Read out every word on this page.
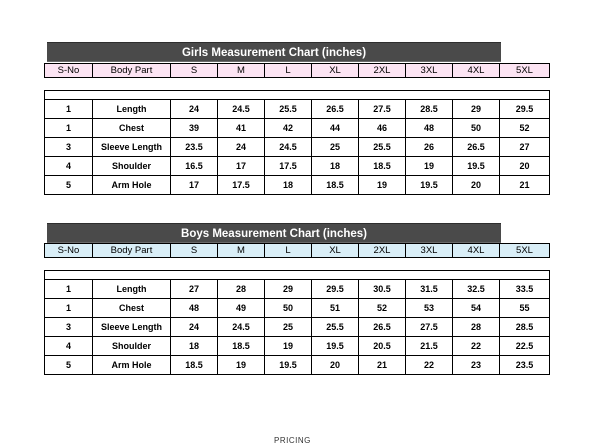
Girls Measurement Chart (inches)
S-No	Body Part	S	M	L	XL	2XL	3XL	4XL	5XL

1	Length	24	24.5	25.5	26.5	27.5	28.5	29	29.5
1	Chest	39	41	42	44	46	48	50	52
3	Sleeve Length	23.5	24	24.5	25	25.5	26	26.5	27
4	Shoulder	16.5	17	17.5	18	18.5	19	19.5	20
5	Arm Hole	17	17.5	18	18.5	19	19.5	20	21
Boys Measurement Chart (inches)
S-No	Body Part	S	M	L	XL	2XL	3XL	4XL	5XL

1	Length	27	28	29	29.5	30.5	31.5	32.5	33.5
1	Chest	48	49	50	51	52	53	54	55
3	Sleeve Length	24	24.5	25	25.5	26.5	27.5	28	28.5
4	Shoulder	18	18.5	19	19.5	20.5	21.5	22	22.5
5	Arm Hole	18.5	19	19.5	20	21	22	23	23.5
PRICING
